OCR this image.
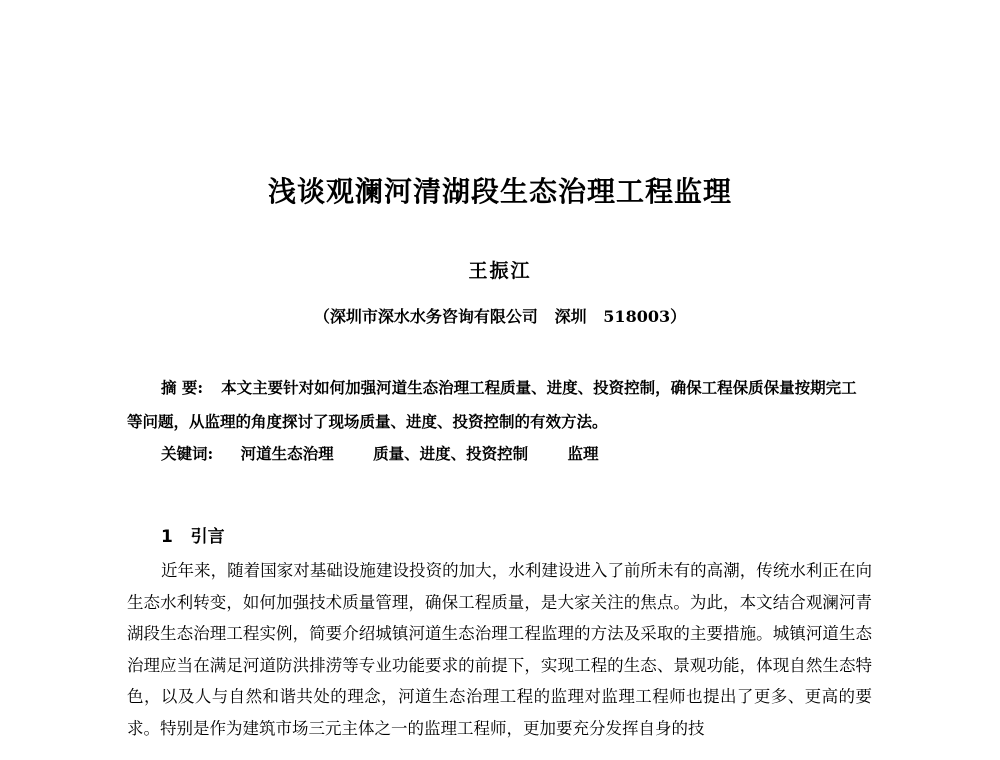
浅谈观澜河清湖段生态治理工程监理
王振江
（深圳市深水水务咨询有限公司   深圳   518003）

摘 要: 本文主要针对如何加强河道生态治理工程质量、进度、投资控制，确保工程保质保量按期完工等问题，从监理的角度探讨了现场质量、进度、投资控制的有效方法。

关键词: 河道生态治理	质量、进度、投资控制	监理
1   引言

近年来，随着国家对基础设施建设投资的加大，水利建设进入了前所未有的高潮，传统水利正在向生态水利转变，如何加强技术质量管理，确保工程质量，是大家关注的焦点。为此，本文结合观澜河青湖段生态治理工程实例，简要介绍城镇河道生态治理工程监理的方法及采取的主要措施。城镇河道生态治理应当在满足河道防洪排涝等专业功能要求的前提下，实现工程的生态、景观功能，体现自然生态特色，以及人与自然和谐共处的理念，河道生态治理工程的监理对监理工程师也提出了更多、更高的要求。特别是作为建筑市场三元主体之一的监理工程师，更加要充分发挥自身的技
